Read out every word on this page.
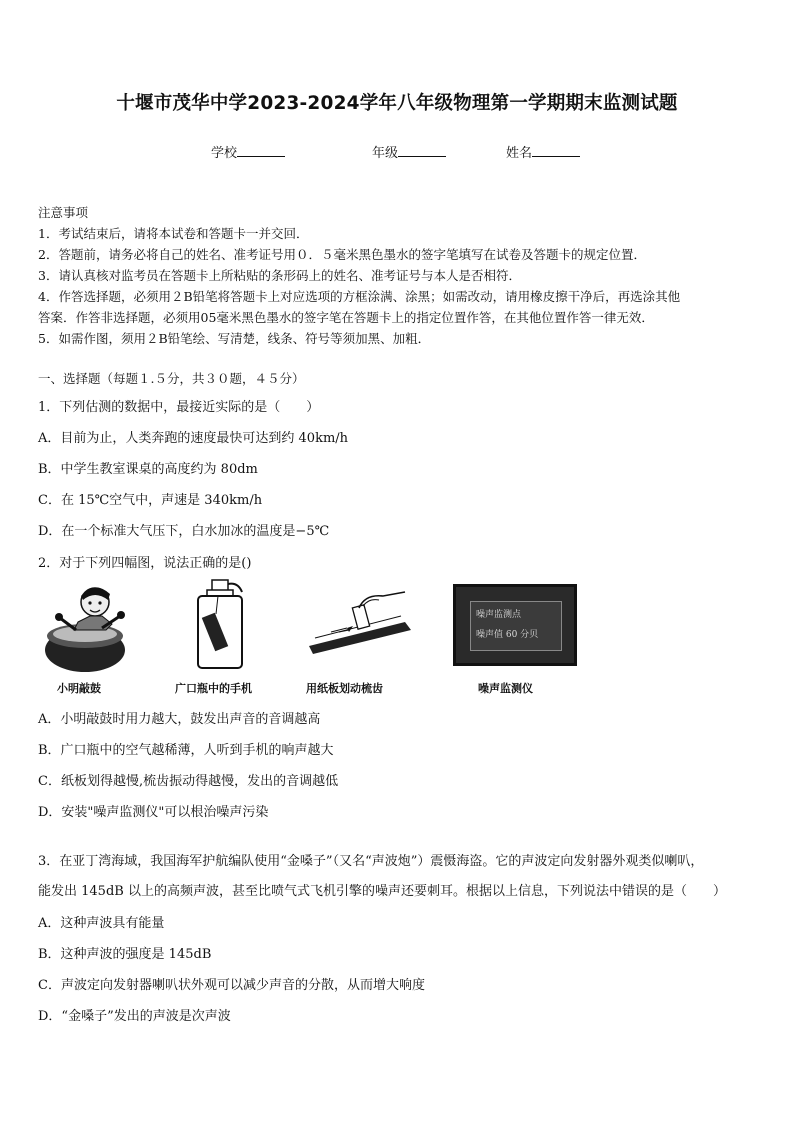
十堰市茂华中学2023-2024学年八年级物理第一学期期末监测试题
学校	年级	姓名
注意事项
1．考试结束后，请将本试卷和答题卡一并交回．
2．答题前，请务必将自己的姓名、准考证号用０．５毫米黑色墨水的签字笔填写在试卷及答题卡的规定位置．
3．请认真核对监考员在答题卡上所粘贴的条形码上的姓名、准考证号与本人是否相符．
4．作答选择题，必须用２B铅笔将答题卡上对应选项的方框涂满、涂黑；如需改动，请用橡皮擦干净后，再选涂其他
答案．作答非选择题，必须用05毫米黑色墨水的签字笔在答题卡上的指定位置作答，在其他位置作答一律无效．
5．如需作图，须用２B铅笔绘、写清楚，线条、符号等须加黑、加粗．
一、选择题（每题１.５分，共３０题，４５分）
1．下列估测的数据中，最接近实际的是（　　）
A．目前为止，人类奔跑的速度最快可达到约 40km/h
B．中学生教室课桌的高度约为 80dm
C．在 15℃空气中，声速是 340km/h
D．在一个标准大气压下，白水加冰的温度是−5℃
2．对于下列四幅图，说法正确的是()
小明敲鼓	广口瓶中的手机	用纸板划动梳齿
噪声监测点
噪声值 60 分贝
噪声监测仪
A．小明敲鼓时用力越大，鼓发出声音的音调越高
B．广口瓶中的空气越稀薄，人听到手机的响声越大
C．纸板划得越慢,梳齿振动得越慢，发出的音调越低
D．安装"噪声监测仪"可以根治噪声污染
3．在亚丁湾海域，我国海军护航编队使用“金嗓子”（又名“声波炮”）震慑海盗。它的声波定向发射器外观类似喇叭，
能发出 145dB 以上的高频声波，甚至比喷气式飞机引擎的噪声还要刺耳。根据以上信息，下列说法中错误的是（　　）
A．这种声波具有能量
B．这种声波的强度是 145dB
C．声波定向发射器喇叭状外观可以减少声音的分散，从而增大响度
D．“金嗓子”发出的声波是次声波
